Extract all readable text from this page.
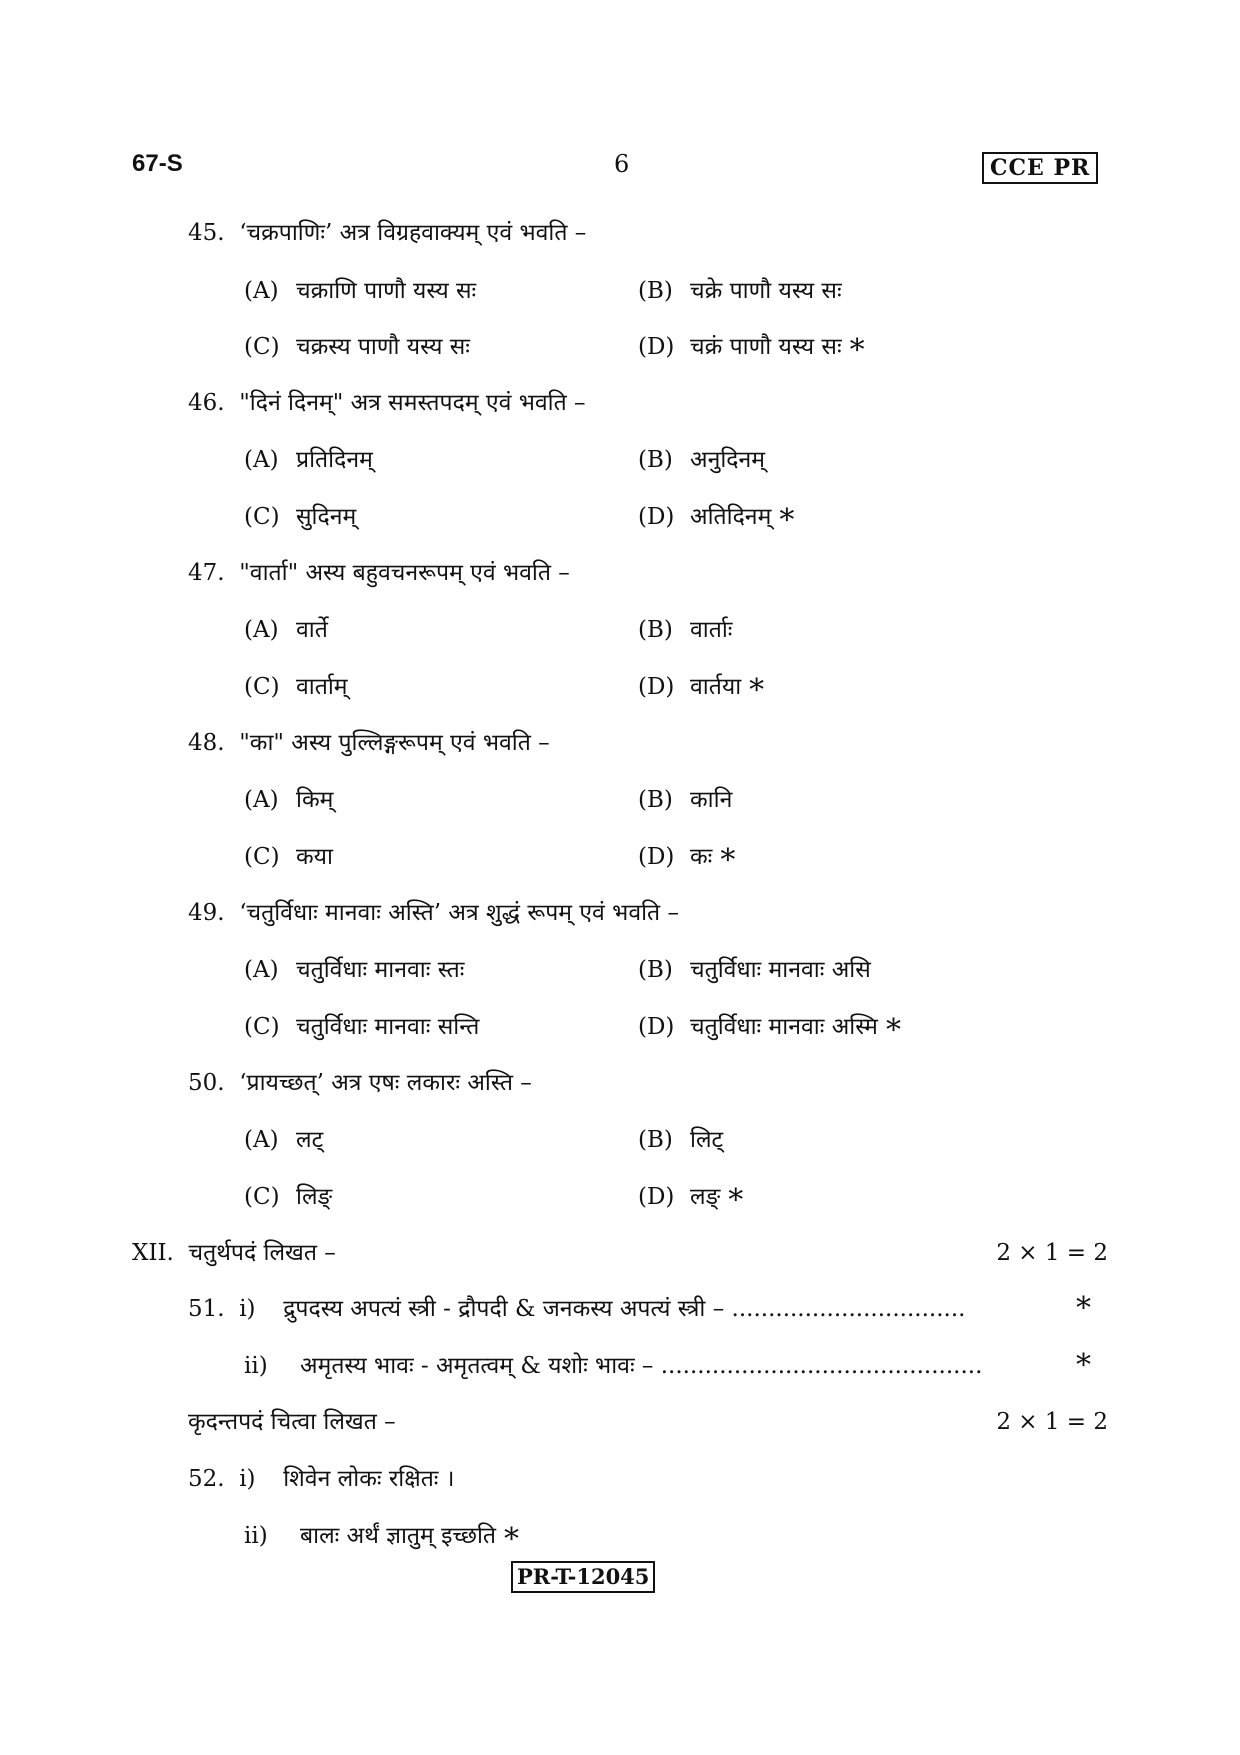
67-S	6	CCE PR
45. ‘चक्रपाणिः’ अत्र विग्रहवाक्यम् एवं भवति –
(A) चक्राणि पाणौ यस्य सः	(B) चक्रे पाणौ यस्य सः
(C) चक्रस्य पाणौ यस्य सः	(D) चक्रं पाणौ यस्य सः *
46. "दिनं दिनम्" अत्र समस्तपदम् एवं भवति –
(A) प्रतिदिनम्	(B) अनुदिनम्
(C) सुदिनम्	(D) अतिदिनम् *
47. "वार्ता" अस्य बहुवचनरूपम् एवं भवति –
(A) वार्ते	(B) वार्ताः
(C) वार्ताम्	(D) वार्तया *
48. "का" अस्य पुल्लिङ्गरूपम् एवं भवति –
(A) किम्	(B) कानि
(C) कया	(D) कः *
49. ‘चतुर्विधाः मानवाः अस्ति’ अत्र शुद्धं रूपम् एवं भवति –
(A) चतुर्विधाः मानवाः स्तः	(B) चतुर्विधाः मानवाः असि
(C) चतुर्विधाः मानवाः सन्ति	(D) चतुर्विधाः मानवाः अस्मि *
50. ‘प्रायच्छत्’ अत्र एषः लकारः अस्ति –
(A) लट्	(B) लिट्
(C) लिङ्	(D) लङ् *
XII. चतुर्थपदं लिखत –	2 × 1 = 2
51. i) द्रुपदस्य अपत्यं स्त्री - द्रौपदी & जनकस्य अपत्यं स्त्री – ................................	*
ii) अमृतस्य भावः - अमृतत्वम् & यशोः भावः – ............................................	*
कृदन्तपदं चित्वा लिखत –	2 × 1 = 2
52. i) शिवेन लोकः रक्षितः ।
ii) बालः अर्थं ज्ञातुम् इच्छति *
PR-T-12045
